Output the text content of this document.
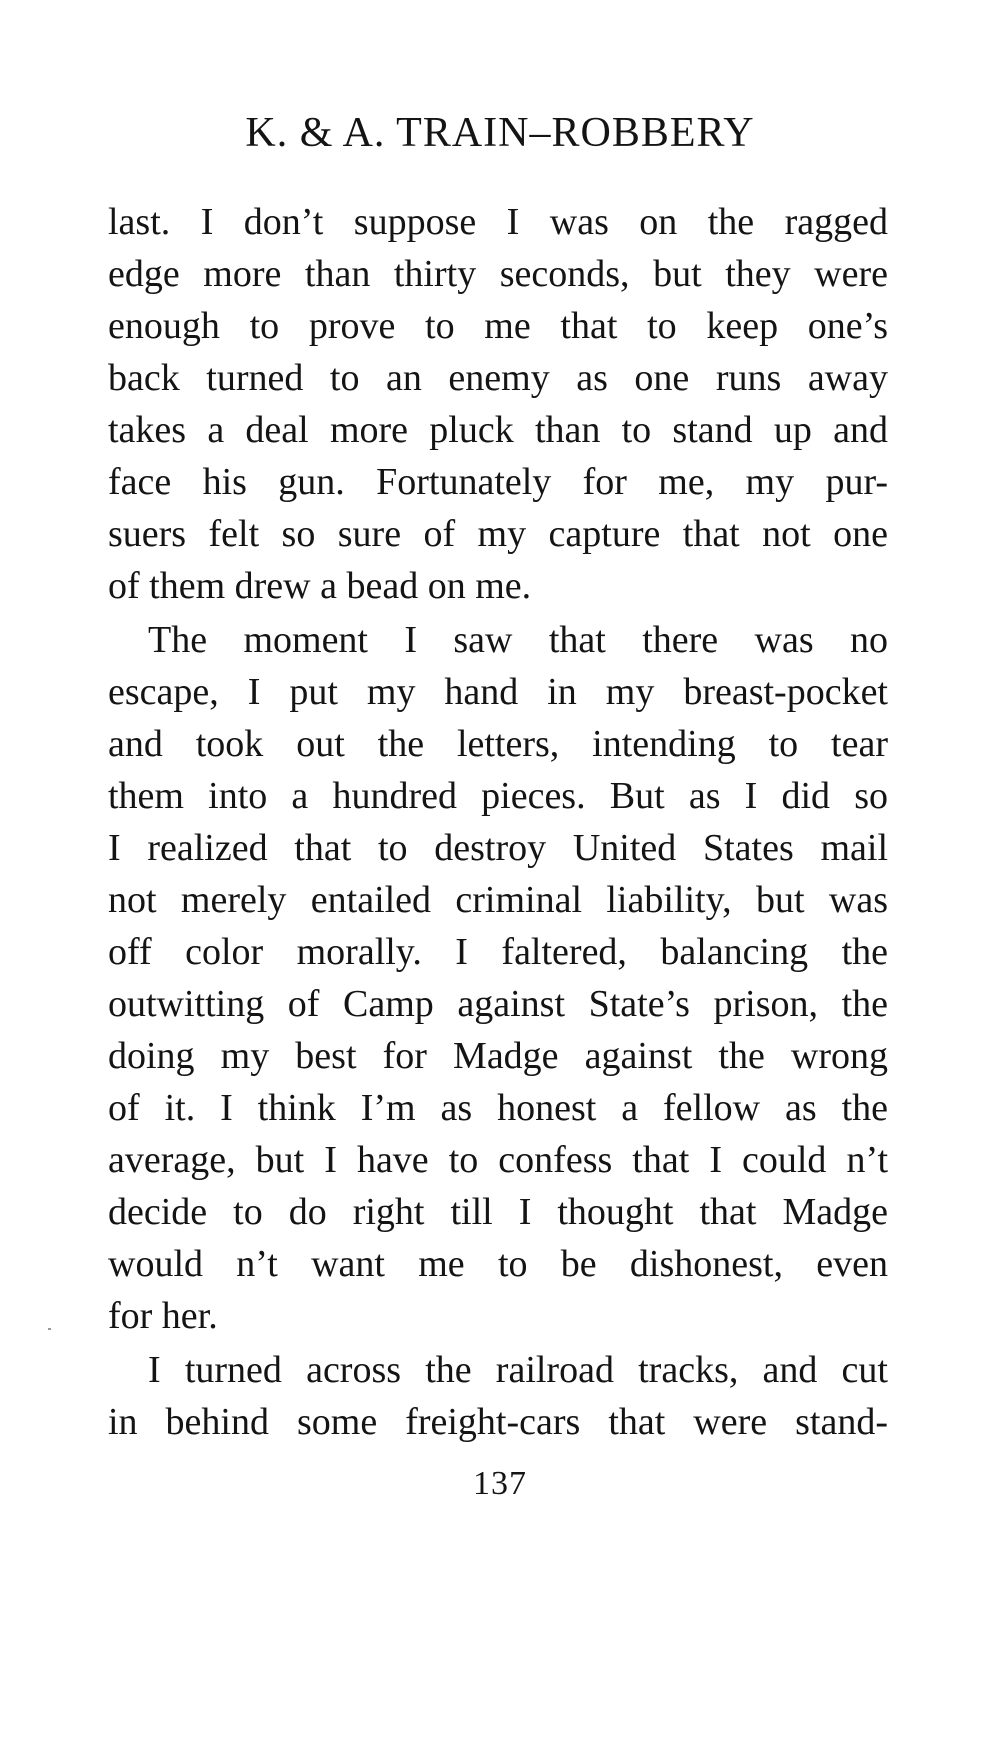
K. & A. TRAIN–ROBBERY
last. I don’t suppose I was on the ragged
edge more than thirty seconds, but they were
enough to prove to me that to keep one’s
back turned to an enemy as one runs away
takes a deal more pluck than to stand up and
face his gun. Fortunately for me, my pur-
suers felt so sure of my capture that not one
of them drew a bead on me.
The moment I saw that there was no
escape, I put my hand in my breast-pocket
and took out the letters, intending to tear
them into a hundred pieces. But as I did so
I realized that to destroy United States mail
not merely entailed criminal liability, but was
off color morally. I faltered, balancing the
outwitting of Camp against State’s prison, the
doing my best for Madge against the wrong
of it. I think I’m as honest a fellow as the
average, but I have to confess that I could n’t
decide to do right till I thought that Madge
would n’t want me to be dishonest, even
for her.
I turned across the railroad tracks, and cut
in behind some freight-cars that were stand-
137
